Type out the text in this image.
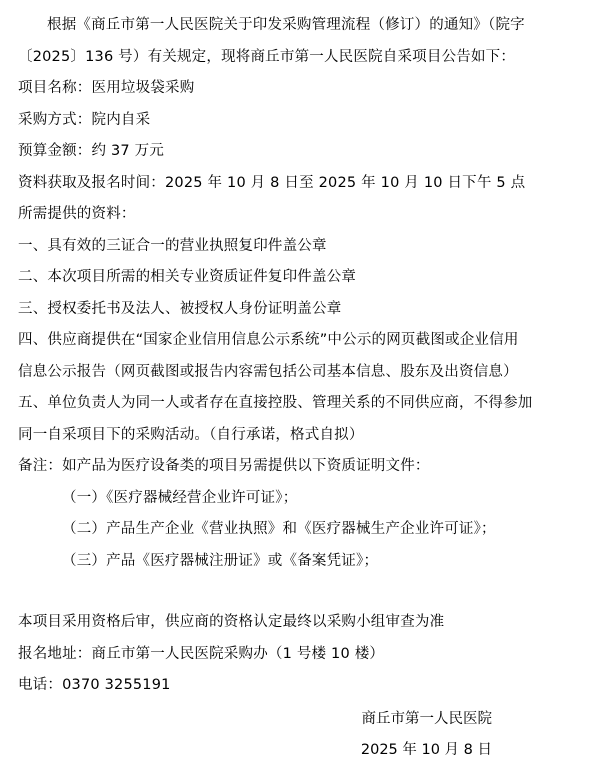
根据《商丘市第一人民医院关于印发采购管理流程（修订）的通知》（院字
〔2025〕136 号）有关规定，现将商丘市第一人民医院自采项目公告如下：
项目名称：医用垃圾袋采购
采购方式：院内自采
预算金额：约 37 万元
资料获取及报名时间：2025 年 10 月 8 日至 2025 年 10 月 10 日下午 5 点
所需提供的资料：
一、具有效的三证合一的营业执照复印件盖公章
二、本次项目所需的相关专业资质证件复印件盖公章
三、授权委托书及法人、被授权人身份证明盖公章
四、供应商提供在“国家企业信用信息公示系统”中公示的网页截图或企业信用
信息公示报告（网页截图或报告内容需包括公司基本信息、股东及出资信息）
五、单位负责人为同一人或者存在直接控股、管理关系的不同供应商，不得参加
同一自采项目下的采购活动。（自行承诺，格式自拟）
备注：如产品为医疗设备类的项目另需提供以下资质证明文件：
（一）《医疗器械经营企业许可证》；
（二）产品生产企业《营业执照》和《医疗器械生产企业许可证》；
（三）产品《医疗器械注册证》或《备案凭证》；
本项目采用资格后审，供应商的资格认定最终以采购小组审查为准
报名地址：商丘市第一人民医院采购办（1 号楼 10 楼）
电话：0370 3255191
商丘市第一人民医院
2025 年 10 月 8 日
